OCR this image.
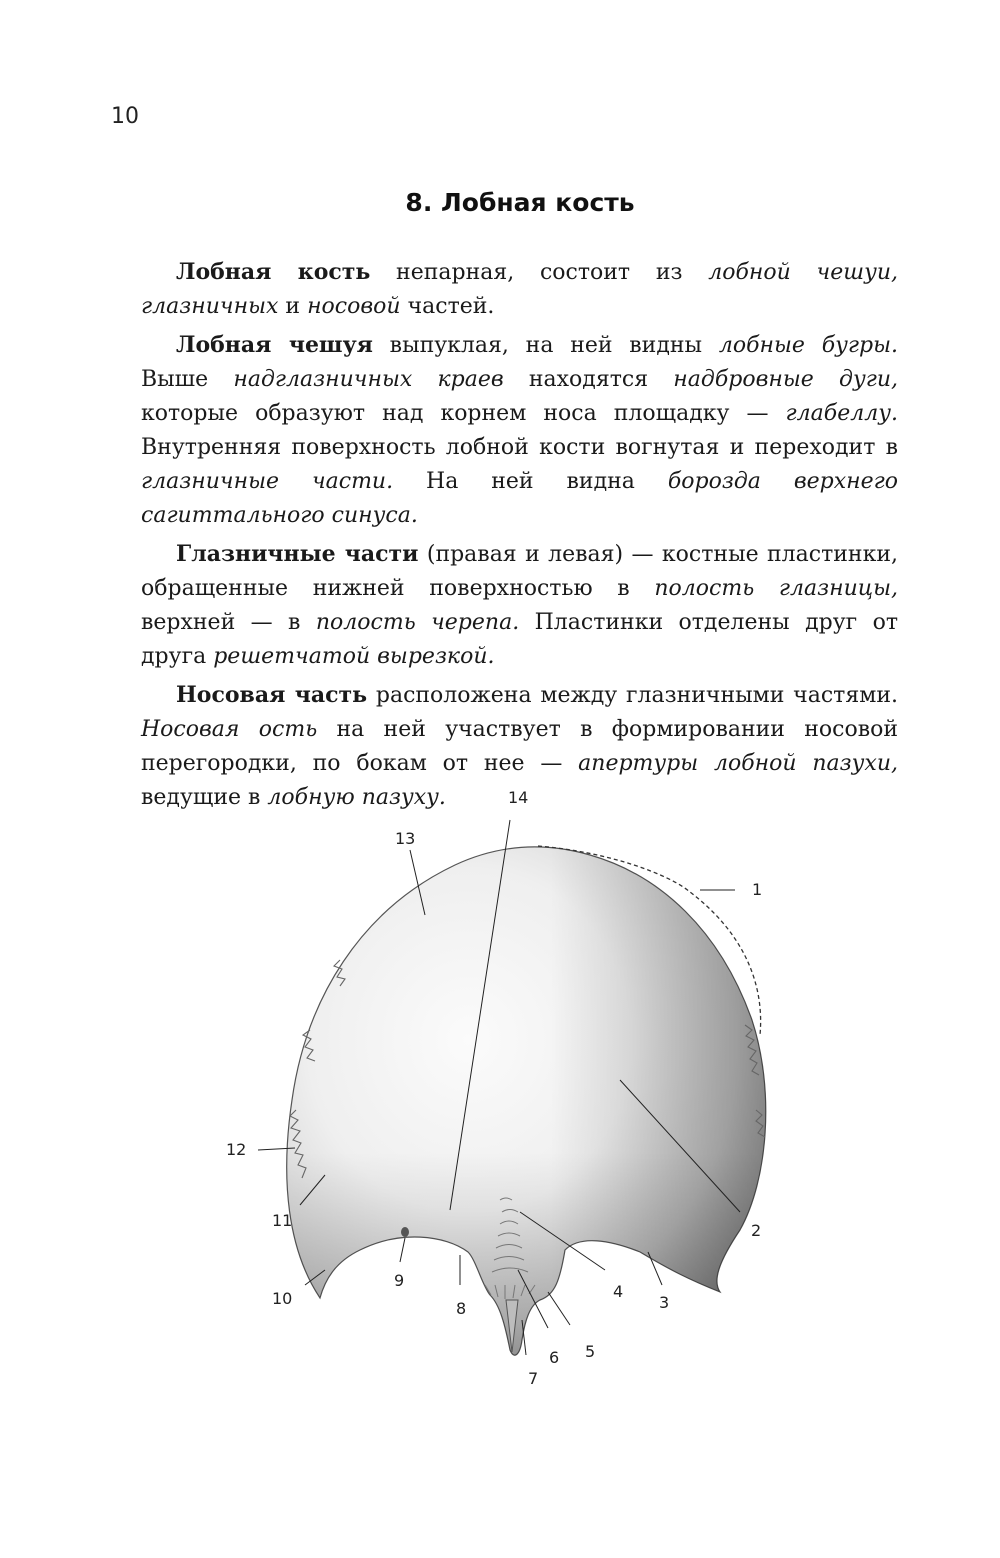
10
8. Лобная кость

Лобная кость непарная, состоит из лобной чешуи, глазничных и носовой частей.

Лобная чешуя выпуклая, на ней видны лобные бугры. Выше надглазничных краев находятся надбровные дуги, которые образуют над корнем носа площадку — глабеллу. Внутренняя поверхность лобной кости вогнутая и переходит в глазничные части. На ней видна борозда верхнего сагиттального синуса.

Глазничные части (правая и левая) — костные пластинки, обращенные нижней поверхностью в полость глазницы, верхней — в полость черепа. Пластинки отделены друг от друга решетчатой вырезкой.

Носовая часть расположена между глазничными частями. Носовая ость на ней участвует в формировании носовой перегородки, по бокам от нее — апертуры лобной пазухи, ведущие в лобную пазуху.

1
2
3
4
5
6
7
8
9
10
11
12
13
14
